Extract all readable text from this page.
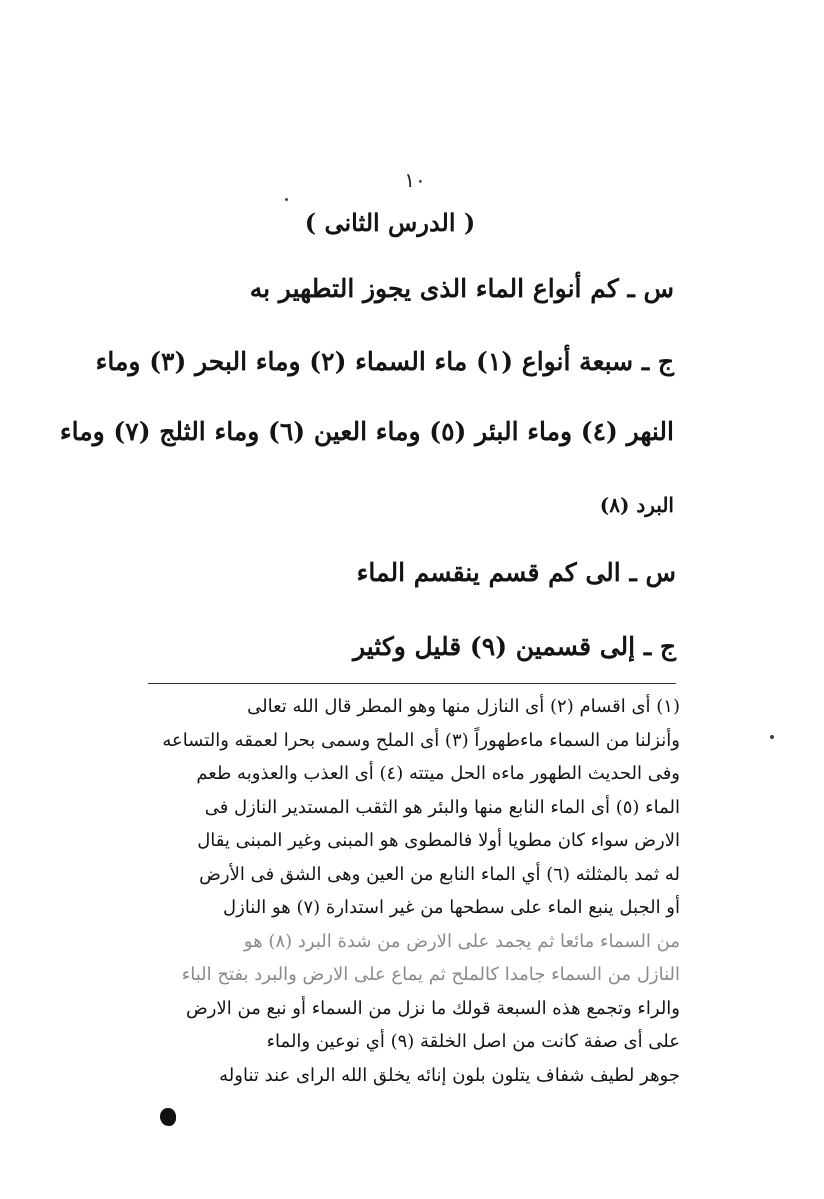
١٠
( الدرس الثانى )
س ـ كم أنواع الماء الذى يجوز التطهير به
ج ـ سبعة أنواع (١) ماء السماء (٢) وماء البحر (٣) وماء
النهر (٤) وماء البئر (٥) وماء العين (٦) وماء الثلج (٧) وماء
البرد (٨)
س ـ الى كم قسم ينقسم الماء
ج ـ إلى قسمين (٩) قليل وكثير
(١) أى اقسام (٢) أى النازل منها وهو المطر قال الله تعالى
وأنزلنا من السماء ماءطهوراً (٣) أى الملح وسمى بحرا لعمقه والتساعه
وفى الحديث الطهور ماءه الحل ميتته (٤) أى العذب والعذوبه طعم
الماء (٥) أى الماء النابع منها والبئر هو الثقب المستدير النازل فى
الارض سواء كان مطويا أولا فالمطوى هو المبنى وغير المبنى يقال
له ثمد بالمثلثه (٦) أي الماء النابع من العين وهى الشق فى الأرض
أو الجبل ينبع الماء على سطحها من غير استدارة (٧) هو النازل
من السماء مائعا ثم يجمد على الارض من شدة البرد (٨) هو
النازل من السماء جامدا كالملح ثم يماع على الارض والبرد بفتح الباء
والراء وتجمع هذه السبعة قولك ما نزل من السماء أو نبع من الارض
على أى صفة كانت من اصل الخلقة (٩) أي نوعين والماء
جوهر لطيف شفاف يتلون بلون إنائه يخلق الله الراى عند تناوله
